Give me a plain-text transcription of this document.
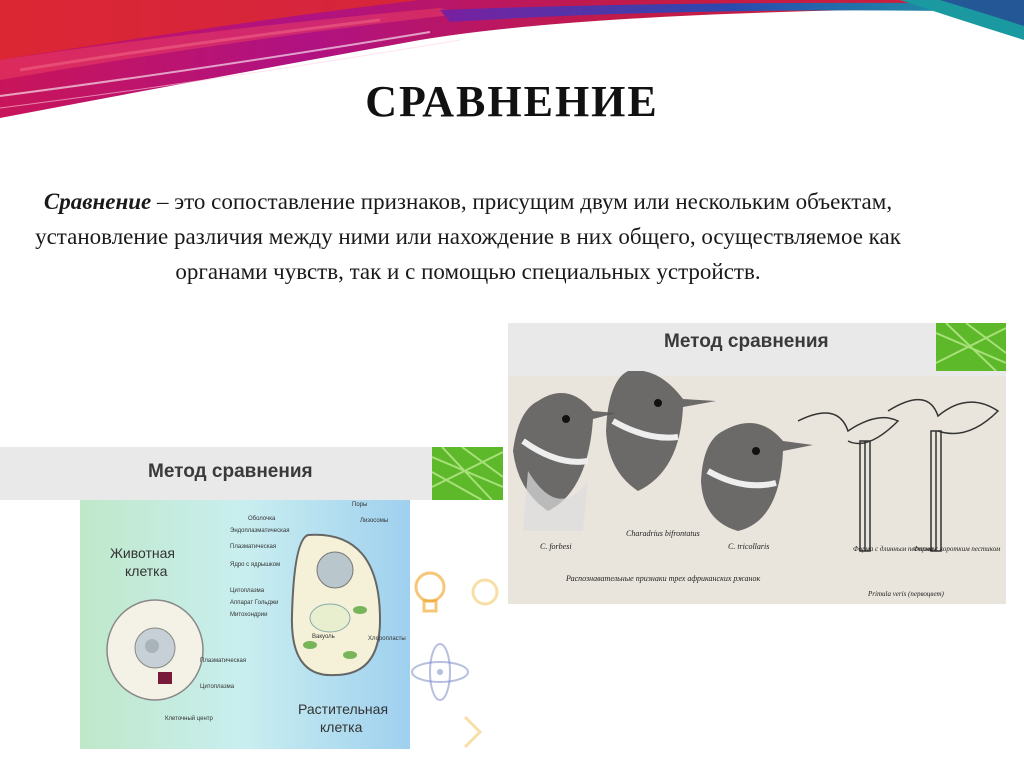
СРАВНЕНИЕ
Сравнение – это сопоставление признаков, присущим двум или нескольким объектам, установление различия между ними или нахождение в них общего, осуществляемое как органами чувств, так и с помощью специальных устройств.
Метод сравнения
Животная
клетка
Растительная
клетка
Оболочка
Поры
Лизосомы
Эндоплазматическая
Плазматическая
Ядро с ядрышком
Цитоплазма
Аппарат Гольджи
Митохондрии
Вакуоль	Хлоропласты
Клеточный центр
Плазматическая
Цитоплазма
Метод сравнения
C. forbesi
Charadrius bifrontatus
C. tricollaris	Форма с длинным пестиком
Форма с коротким пестиком
Primula veris (первоцвет)
Распознавательные признаки трех африканских ржанок
